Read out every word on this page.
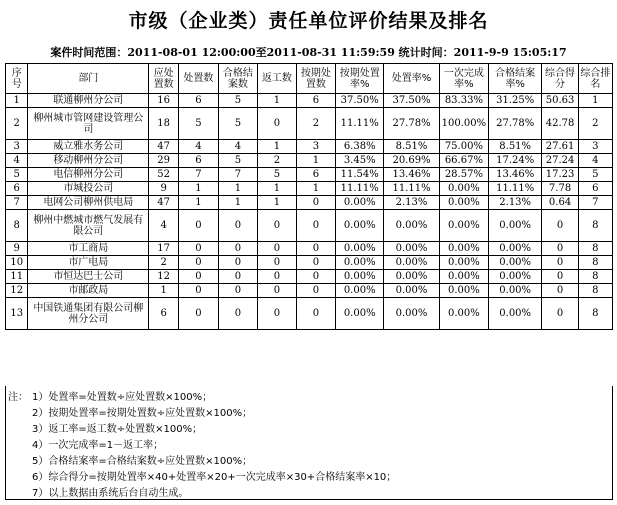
市级（企业类）责任单位评价结果及排名
案件时间范围：2011-08-01 12:00:00至2011-08-31 11:59:59 统计时间：2011-9-9 15:05:17
序号	部门	应处置数	处置数	合格结案数	返工数	按期处置数	按期处置率%	处置率%	一次完成率%	合格结案率%	综合得分	综合排名
1	联通柳州分公司	16	6	5	1	6	37.50%	37.50%	83.33%	31.25%	50.63	1
2	柳州城市管网建设管理公司	18	5	5	0	2	11.11%	27.78%	100.00%	27.78%	42.78	2
3	威立雅水务公司	47	4	4	1	3	6.38%	8.51%	75.00%	8.51%	27.61	3
4	移动柳州分公司	29	6	5	2	1	3.45%	20.69%	66.67%	17.24%	27.24	4
5	电信柳州分公司	52	7	7	5	6	11.54%	13.46%	28.57%	13.46%	17.23	5
6	市城投公司	9	1	1	1	1	11.11%	11.11%	0.00%	11.11%	7.78	6
7	电网公司柳州供电局	47	1	1	1	0	0.00%	2.13%	0.00%	2.13%	0.64	7
8	柳州中燃城市燃气发展有限公司	4	0	0	0	0	0.00%	0.00%	0.00%	0.00%	0	8
9	市工商局	17	0	0	0	0	0.00%	0.00%	0.00%	0.00%	0	8
10	市广电局	2	0	0	0	0	0.00%	0.00%	0.00%	0.00%	0	8
11	市恒达巴士公司	12	0	0	0	0	0.00%	0.00%	0.00%	0.00%	0	8
12	市邮政局	1	0	0	0	0	0.00%	0.00%	0.00%	0.00%	0	8
13	中国铁通集团有限公司柳州分公司	6	0	0	0	0	0.00%	0.00%	0.00%	0.00%	0	8
注： 1）处置率=处置数÷应处置数×100%；
2）按期处置率=按期处置数÷应处置数×100%；
3）返工率=返工数÷处置数×100%；
4）一次完成率=1－返工率；
5）合格结案率=合格结案数÷应处置数×100%；
6）综合得分=按期处置率×40+处置率×20+一次完成率×30+合格结案率×10；
7）以上数据由系统后台自动生成。
